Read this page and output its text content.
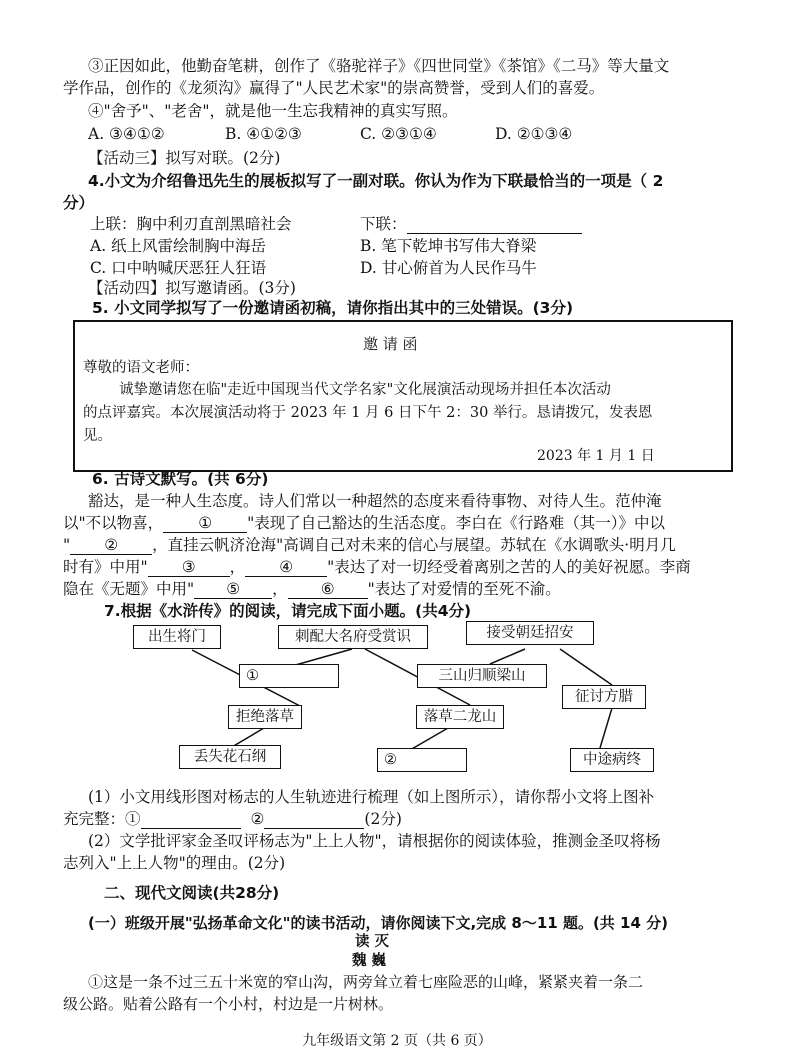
③正因如此，他勤奋笔耕，创作了《骆驼祥子》《四世同堂》《茶馆》《二马》等大量文
学作品，创作的《龙须沟》赢得了"人民艺术家"的崇高赞誉，受到人们的喜爱。
④"舍予"、"老舍"，就是他一生忘我精神的真实写照。
A. ③④①②	B. ④①②③	C. ②③①④	D. ②①③④
【活动三】拟写对联。(2分)
4.小文为介绍鲁迅先生的展板拟写了一副对联。你认为作为下联最恰当的一项是（ 2
分）
上联：胸中利刃直剖黑暗社会	下联：
A. 纸上风雷绘制胸中海岳	B. 笔下乾坤书写伟大脊梁
C. 口中呐喊厌恶狂人狂语	D. 甘心俯首为人民作马牛
【活动四】拟写邀请函。(3分)
5. 小文同学拟写了一份邀请函初稿，请你指出其中的三处错误。(3分)
邀 请 函
尊敬的语文老师：
诚挚邀请您在临"走近中国现当代文学名家"文化展演活动现场并担任本次活动
的点评嘉宾。本次展演活动将于 2023 年 1 月 6 日下午 2：30 举行。恳请拨冗，发表恩
见。
2023 年 1 月 1 日
6. 古诗文默写。(共 6分)
豁达，是一种人生态度。诗人们常以一种超然的态度来看待事物、对待人生。范仲淹
以"不以物喜， ① "表现了自己豁达的生活态度。李白在《行路难（其一）》中以
" ② ，直挂云帆济沧海"高调自己对未来的信心与展望。苏轼在《水调歌头·明月几
时有》中用" ③ ， ④ "表达了对一切经受着离别之苦的人的美好祝愿。李商
隐在《无题》中用" ⑤ ， ⑥ "表达了对爱情的至死不渝。
7.根据《水浒传》的阅读，请完成下面小题。(共4分)
出生将门	刺配大名府受赏识	接受朝廷招安
①	三山归顺梁山
征讨方腊
拒绝落草	落草二龙山
丢失花石纲	②	中途病终
(1）小文用线形图对杨志的人生轨迹进行梳理（如上图所示），请你帮小文将上图补
充完整：①	②	(2分)
(2）文学批评家金圣叹评杨志为"上上人物"，请根据你的阅读体验，推测金圣叹将杨
志列入"上上人物"的理由。(2分)
二、现代文阅读(共28分)
(一）班级开展"弘扬革命文化"的读书活动，请你阅读下文,完成 8～11 题。(共 14 分)
读 灭
魏 巍
①这是一条不过三五十米宽的窄山沟，两旁耸立着七座险恶的山峰，紧紧夹着一条二
级公路。贴着公路有一个小村，村边是一片树林。
九年级语文第 2 页（共 6 页）
